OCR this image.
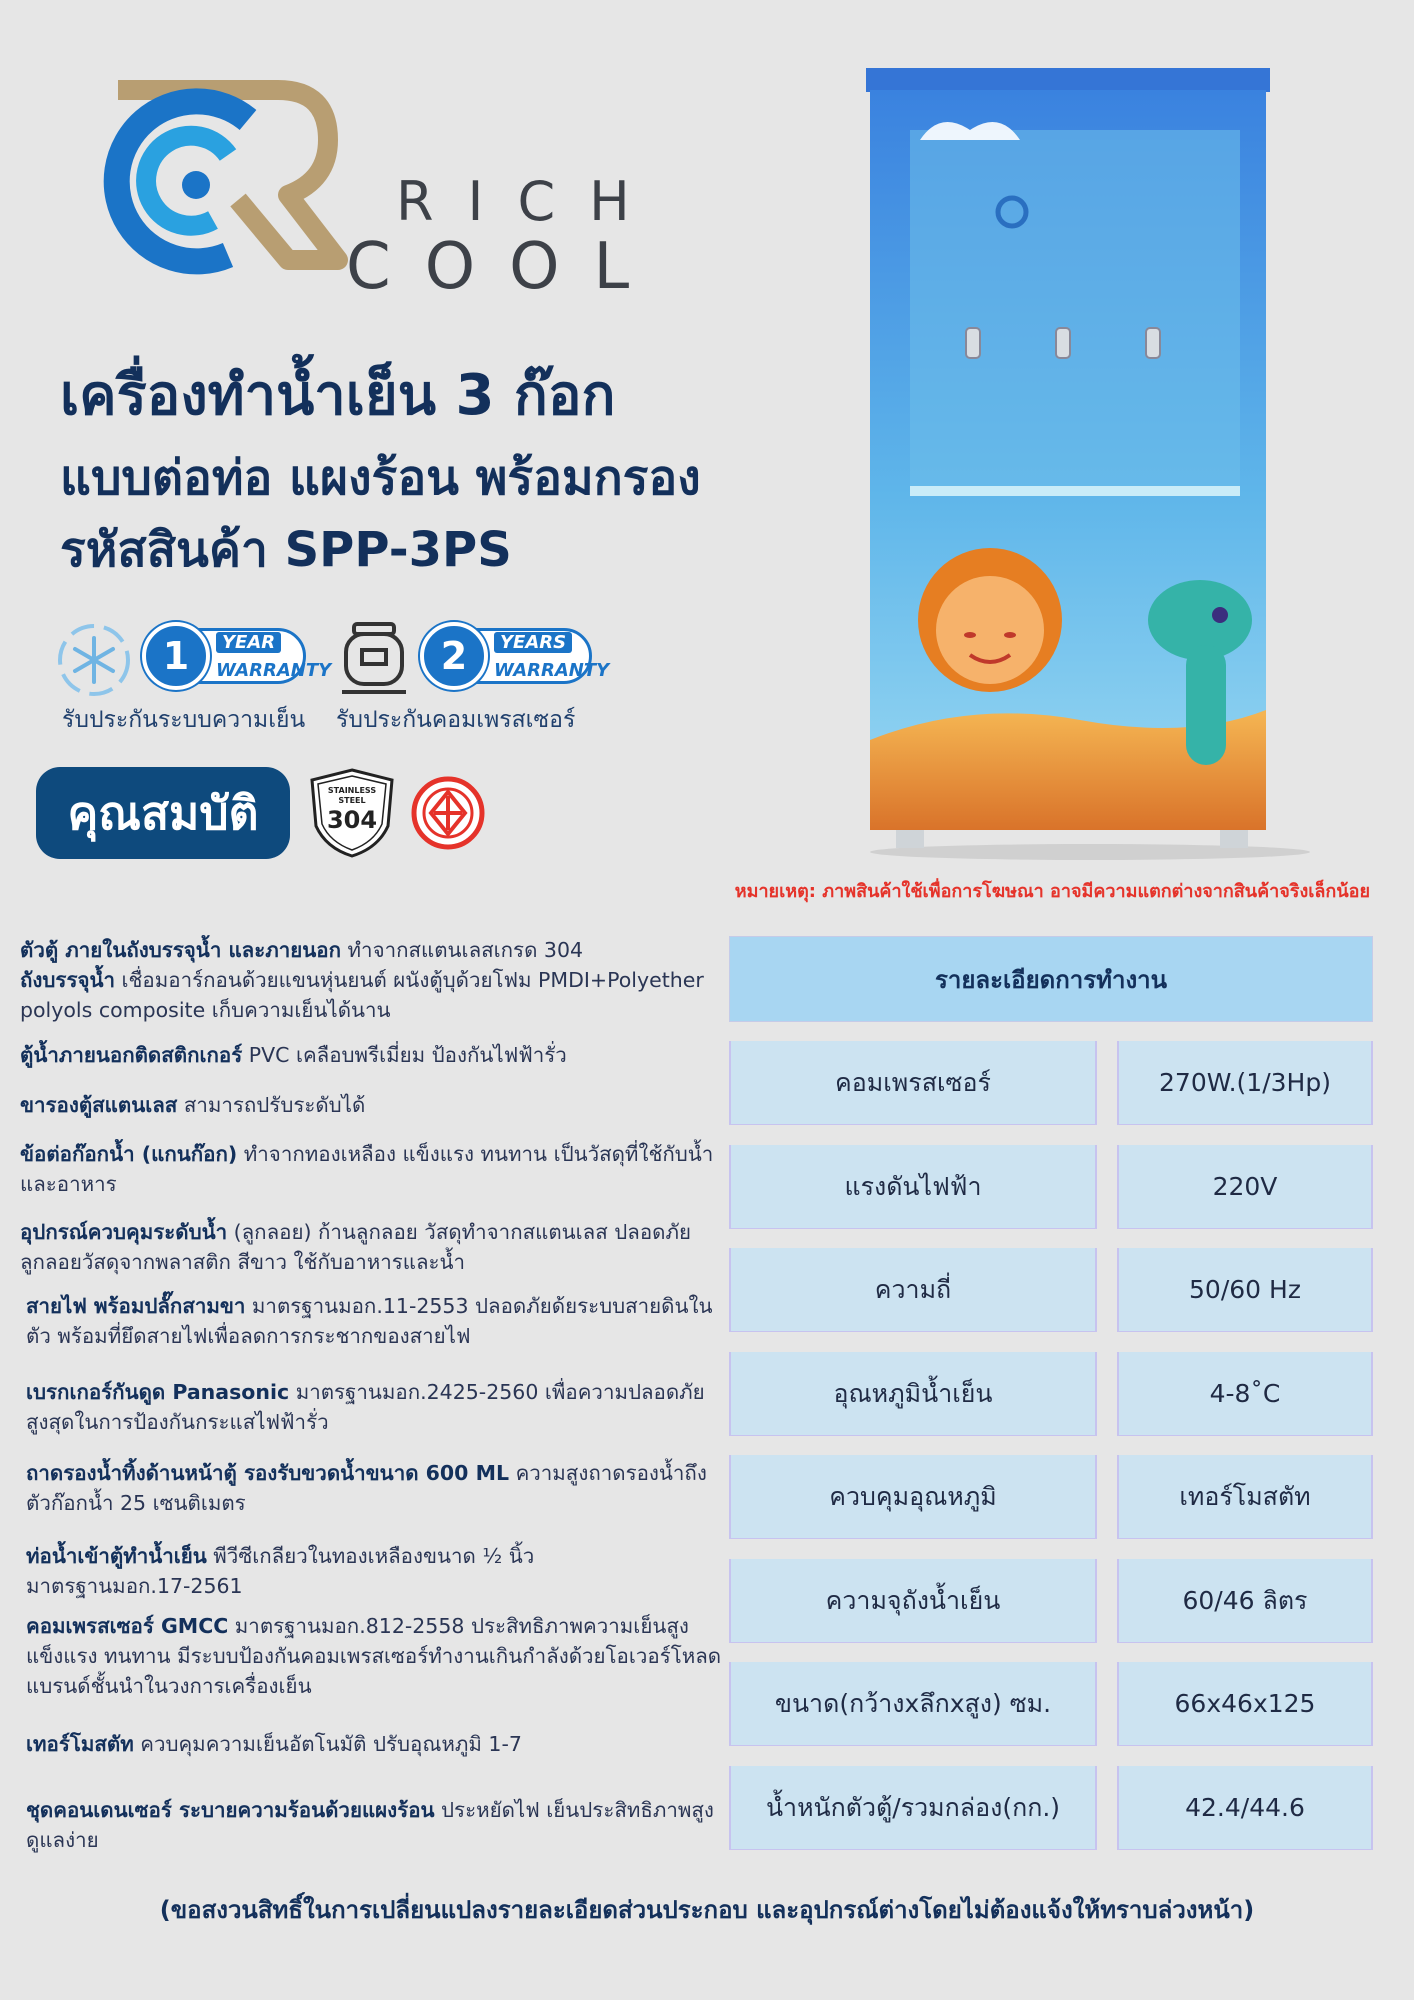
RICH
COOL
เครื่องทำน้ำเย็น 3 ก๊อก
แบบต่อท่อ แผงร้อน พร้อมกรอง
รหัสสินค้า SPP-3PS
1	YEAR
WARRANTY
รับประกันระบบความเย็น
2	YEARS
WARRANTY
รับประกันคอมเพรสเซอร์
คุณสมบัติ	STAINLESS
STEEL
304
หมายเหตุ: ภาพสินค้าใช้เพื่อการโฆษณา อาจมีความแตกต่างจากสินค้าจริงเล็กน้อย
ตัวตู้ ภายในถังบรรจุน้ำ และภายนอก ทำจากสแตนเลสเกรด 304
ถังบรรจุน้ำ เชื่อมอาร์กอนด้วยแขนหุ่นยนต์ ผนังตู้บุด้วยโฟม PMDI+Polyether polyols composite เก็บความเย็นได้นาน
ตู้น้ำภายนอกติดสติกเกอร์ PVC เคลือบพรีเมี่ยม ป้องกันไฟฟ้ารั่ว
ขารองตู้สแตนเลส สามารถปรับระดับได้
ข้อต่อก๊อกน้ำ (แกนก๊อก) ทำจากทองเหลือง แข็งแรง ทนทาน เป็นวัสดุที่ใช้กับน้ำและอาหาร
อุปกรณ์ควบคุมระดับน้ำ (ลูกลอย) ก้านลูกลอย วัสดุทำจากสแตนเลส ปลอดภัย ลูกลอยวัสดุจากพลาสติก สีขาว ใช้กับอาหารและน้ำ
สายไฟ พร้อมปลั๊กสามขา มาตรฐานมอก.11-2553 ปลอดภัยด้ยระบบสายดินในตัว พร้อมที่ยึดสายไฟเพื่อลดการกระชากของสายไฟ
เบรกเกอร์กันดูด Panasonic มาตรฐานมอก.2425-2560 เพื่อความปลอดภัยสูงสุดในการป้องกันกระแสไฟฟ้ารั่ว
ถาดรองน้ำทิ้งด้านหน้าตู้ รองรับขวดน้ำขนาด 600 ML ความสูงถาดรองน้ำถึงตัวก๊อกน้ำ 25 เซนติเมตร
ท่อน้ำเข้าตู้ทำน้ำเย็น พีวีซีเกลียวในทองเหลืองขนาด ½ นิ้ว มาตรฐานมอก.17-2561
คอมเพรสเซอร์ GMCC มาตรฐานมอก.812-2558 ประสิทธิภาพความเย็นสูง แข็งแรง ทนทาน มีระบบป้องกันคอมเพรสเซอร์ทำงานเกินกำลังด้วยโอเวอร์โหลด แบรนด์ชั้นนำในวงการเครื่องเย็น
เทอร์โมสตัท ควบคุมความเย็นอัตโนมัติ ปรับอุณหภูมิ 1-7
ชุดคอนเดนเซอร์ ระบายความร้อนด้วยแผงร้อน ประหยัดไฟ เย็นประสิทธิภาพสูง ดูแลง่าย
รายละเอียดการทำงาน
คอมเพรสเซอร์	270W.(1/3Hp)
แรงดันไฟฟ้า	220V
ความถี่	50/60 Hz
อุณหภูมิน้ำเย็น	4-8˚C
ควบคุมอุณหภูมิ	เทอร์โมสตัท
ความจุถังน้ำเย็น	60/46 ลิตร
ขนาด(กว้างxลึกxสูง) ซม.	66x46x125
น้ำหนักตัวตู้/รวมกล่อง(กก.)	42.4/44.6
(ขอสงวนสิทธิ์ในการเปลี่ยนแปลงรายละเอียดส่วนประกอบ และอุปกรณ์ต่างโดยไม่ต้องแจ้งให้ทราบล่วงหน้า)
